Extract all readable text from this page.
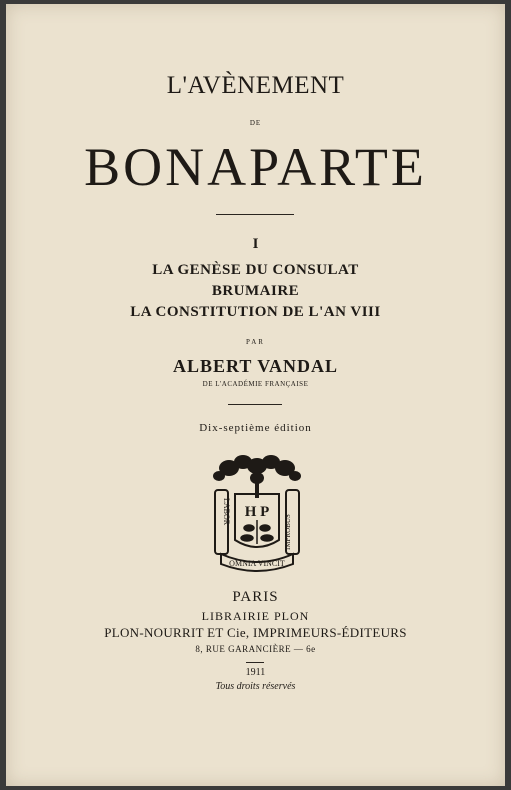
L'AVÈNEMENT
DE
BONAPARTE
I
LA GENÈSE DU CONSULAT
BRUMAIRE
LA CONSTITUTION DE L'AN VIII
PAR
ALBERT VANDAL
DE L'ACADÉMIE FRANÇAISE
Dix-septième édition
H P
LABOR
IMPROBUS
OMNIA VINCIT
PARIS
LIBRAIRIE PLON
PLON-NOURRIT ET Cie, IMPRIMEURS-ÉDITEURS
8, RUE GARANCIÈRE — 6e
1911
Tous droits réservés
